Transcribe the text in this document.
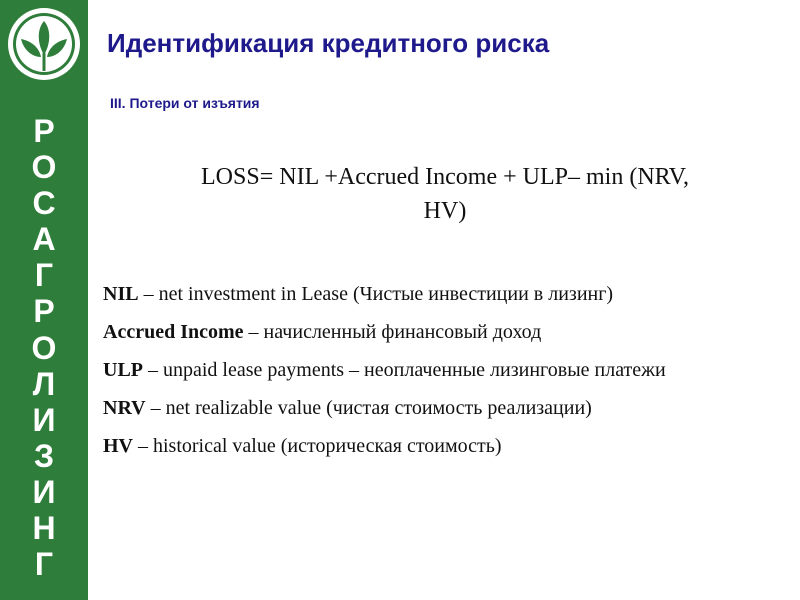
Р
О
С
А
Г
Р
О
Л
И
З
И
Н
Г
Идентификация кредитного риска
III. Потери от изъятия
LOSS= NIL +Accrued Income + ULP– min (NRV,
HV)
NIL – net investment in Lease (Чистые инвестиции в лизинг)
Accrued Income – начисленный финансовый доход
ULP – unpaid lease payments – неоплаченные лизинговые платежи
NRV – net realizable value (чистая стоимость реализации)
HV – historical value (историческая стоимость)
